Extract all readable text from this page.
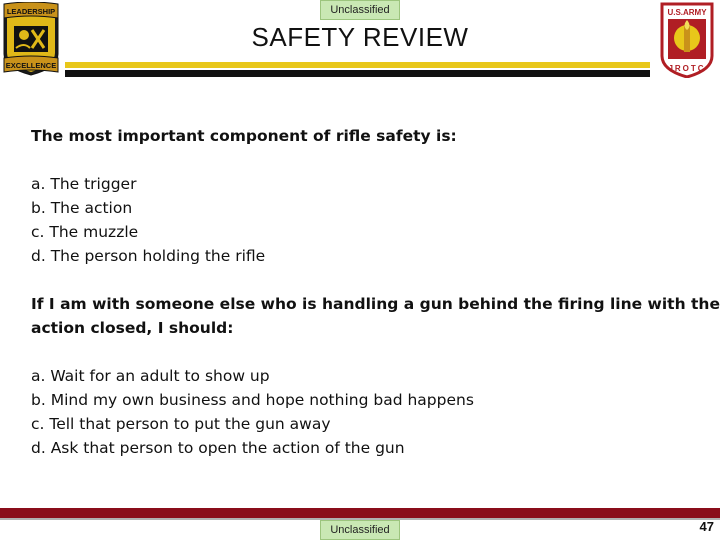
Unclassified
LEADERSHIP
EXCELLENCE
SAFETY REVIEW
U.S.ARMY
JROTC
The most important component of rifle safety is:
a. The trigger
b. The action
c. The muzzle
d. The person holding the rifle
If I am with someone else who is handling a gun behind the firing line with the
action closed, I should:
a. Wait for an adult to show up
b. Mind my own business and hope nothing bad happens
c. Tell that person to put the gun away
d. Ask that person to open the action of the gun
Unclassified	47
